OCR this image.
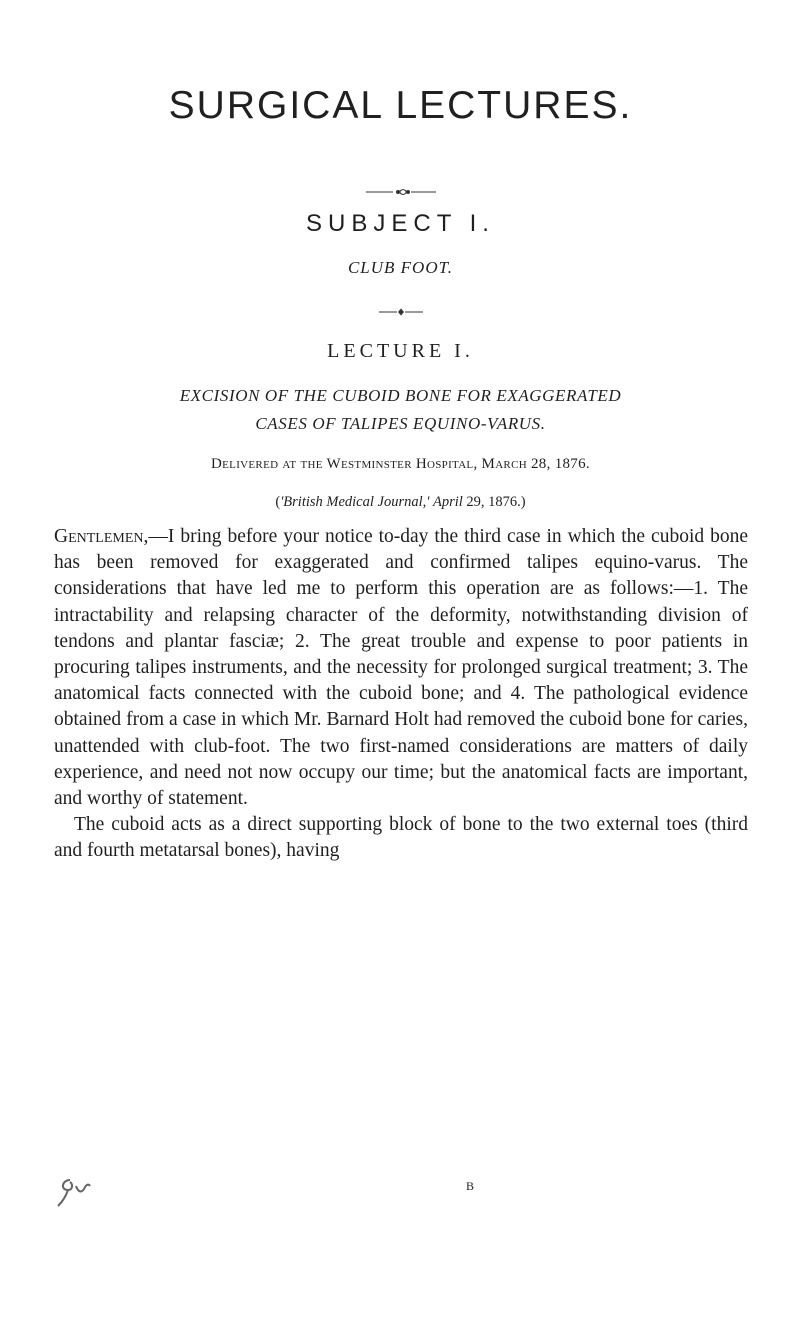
SURGICAL LECTURES.
SUBJECT I.
CLUB FOOT.
LECTURE I.
EXCISION OF THE CUBOID BONE FOR EXAGGERATED
CASES OF TALIPES EQUINO-VARUS.
Delivered at the Westminster Hospital, March 28, 1876.
('British Medical Journal,' April 29, 1876.)

Gentlemen,—I bring before your notice to-day the third case in which the cuboid bone has been removed for exaggerated and confirmed talipes equino-varus. The considerations that have led me to perform this operation are as follows:—1. The intractability and relapsing character of the deformity, notwithstanding division of tendons and plantar fasciæ; 2. The great trouble and expense to poor patients in procuring talipes instruments, and the necessity for prolonged surgical treatment; 3. The anatomical facts connected with the cuboid bone; and 4. The pathological evidence obtained from a case in which Mr. Barnard Holt had removed the cuboid bone for caries, unattended with club-foot. The two first-named considerations are matters of daily experience, and need not now occupy our time; but the anatomical facts are important, and worthy of statement.

The cuboid acts as a direct supporting block of bone to the two external toes (third and fourth metatarsal bones), having

B
